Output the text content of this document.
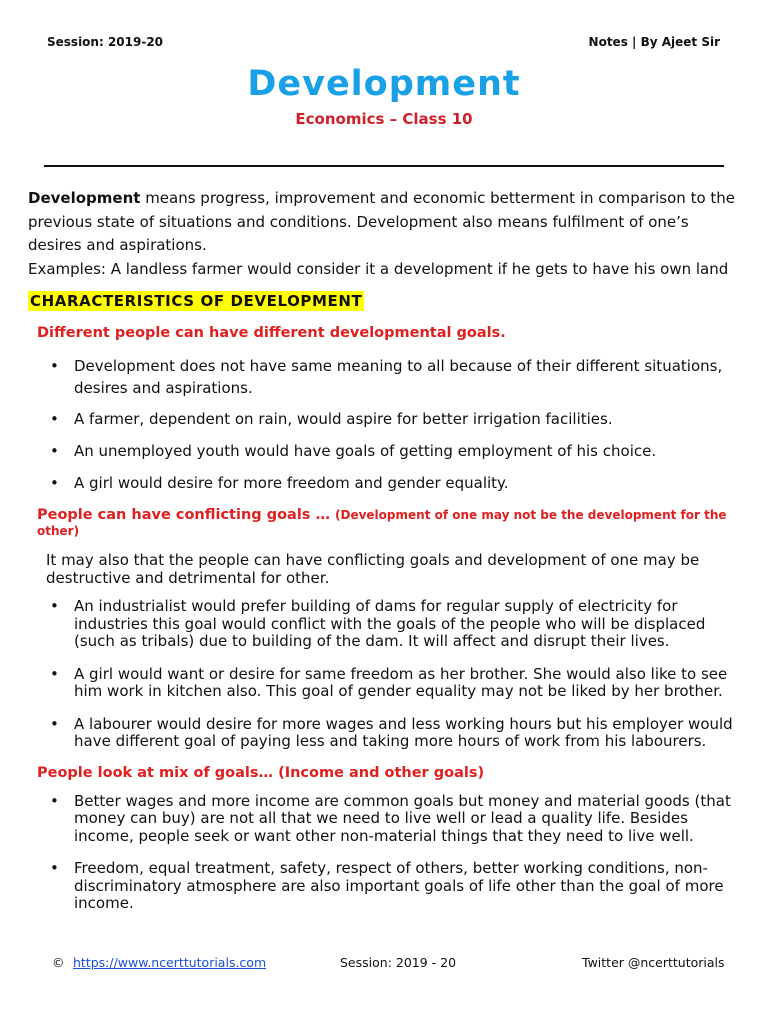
Session: 2019-20	Notes | By Ajeet Sir
Development
Economics – Class 10

Development means progress, improvement and economic betterment in comparison to the previous state of situations and conditions. Development also means fulfilment of one’s desires and aspirations.
Examples: A landless farmer would consider it a development if he gets to have his own land

CHARACTERISTICS OF DEVELOPMENT
Different people can have different developmental goals.
• Development does not have same meaning to all because of their different situations, desires and aspirations.
• A farmer, dependent on rain, would aspire for better irrigation facilities.
• An unemployed youth would have goals of getting employment of his choice.
• A girl would desire for more freedom and gender equality.
People can have conflicting goals … (Development of one may not be the development for the other)
It may also that the people can have conflicting goals and development of one may be destructive and detrimental for other.
• An industrialist would prefer building of dams for regular supply of electricity for industries this goal would conflict with the goals of the people who will be displaced (such as tribals) due to building of the dam. It will affect and disrupt their lives.
• A girl would want or desire for same freedom as her brother. She would also like to see him work in kitchen also. This goal of gender equality may not be liked by her brother.
• A labourer would desire for more wages and less working hours but his employer would have different goal of paying less and taking more hours of work from his labourers.
People look at mix of goals… (Income and other goals)
• Better wages and more income are common goals but money and material goods (that money can buy) are not all that we need to live well or lead a quality life. Besides income, people seek or want other non-material things that they need to live well.
• Freedom, equal treatment, safety, respect of others, better working conditions, non-discriminatory atmosphere are also important goals of life other than the goal of more income.
© https://www.ncerttutorials.com	Session: 2019 - 20	Twitter @ncerttutorials
